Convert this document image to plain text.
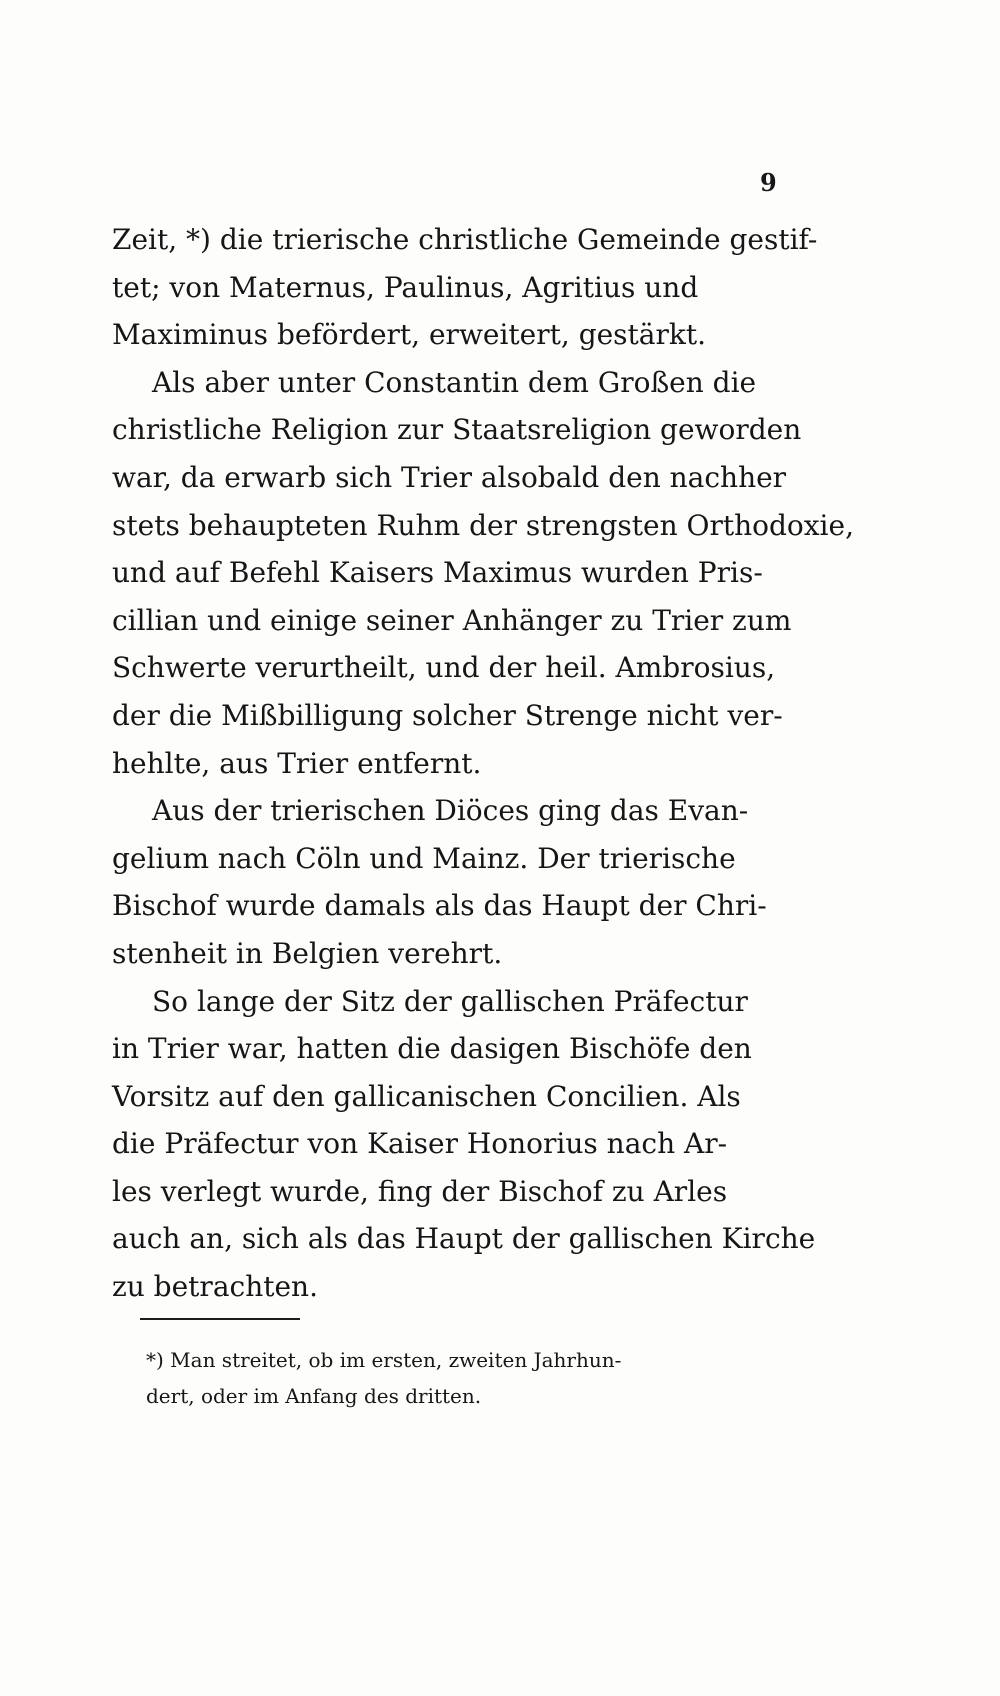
9
Zeit, *) die trierische christliche Gemeinde gestif-
tet; von Maternus, Paulinus, Agritius und
Maximinus befördert, erweitert, gestärkt.
Als aber unter Constantin dem Großen die
christliche Religion zur Staatsreligion geworden
war, da erwarb sich Trier alsobald den nachher
stets behaupteten Ruhm der strengsten Orthodoxie,
und auf Befehl Kaisers Maximus wurden Pris-
cillian und einige seiner Anhänger zu Trier zum
Schwerte verurtheilt, und der heil. Ambrosius,
der die Mißbilligung solcher Strenge nicht ver-
hehlte, aus Trier entfernt.
Aus der trierischen Diöces ging das Evan-
gelium nach Cöln und Mainz. Der trierische
Bischof wurde damals als das Haupt der Chri-
stenheit in Belgien verehrt.
So lange der Sitz der gallischen Präfectur
in Trier war, hatten die dasigen Bischöfe den
Vorsitz auf den gallicanischen Concilien. Als
die Präfectur von Kaiser Honorius nach Ar-
les verlegt wurde, fing der Bischof zu Arles
auch an, sich als das Haupt der gallischen Kirche
zu betrachten.
*) Man streitet, ob im ersten, zweiten Jahrhun-
dert, oder im Anfang des dritten.
